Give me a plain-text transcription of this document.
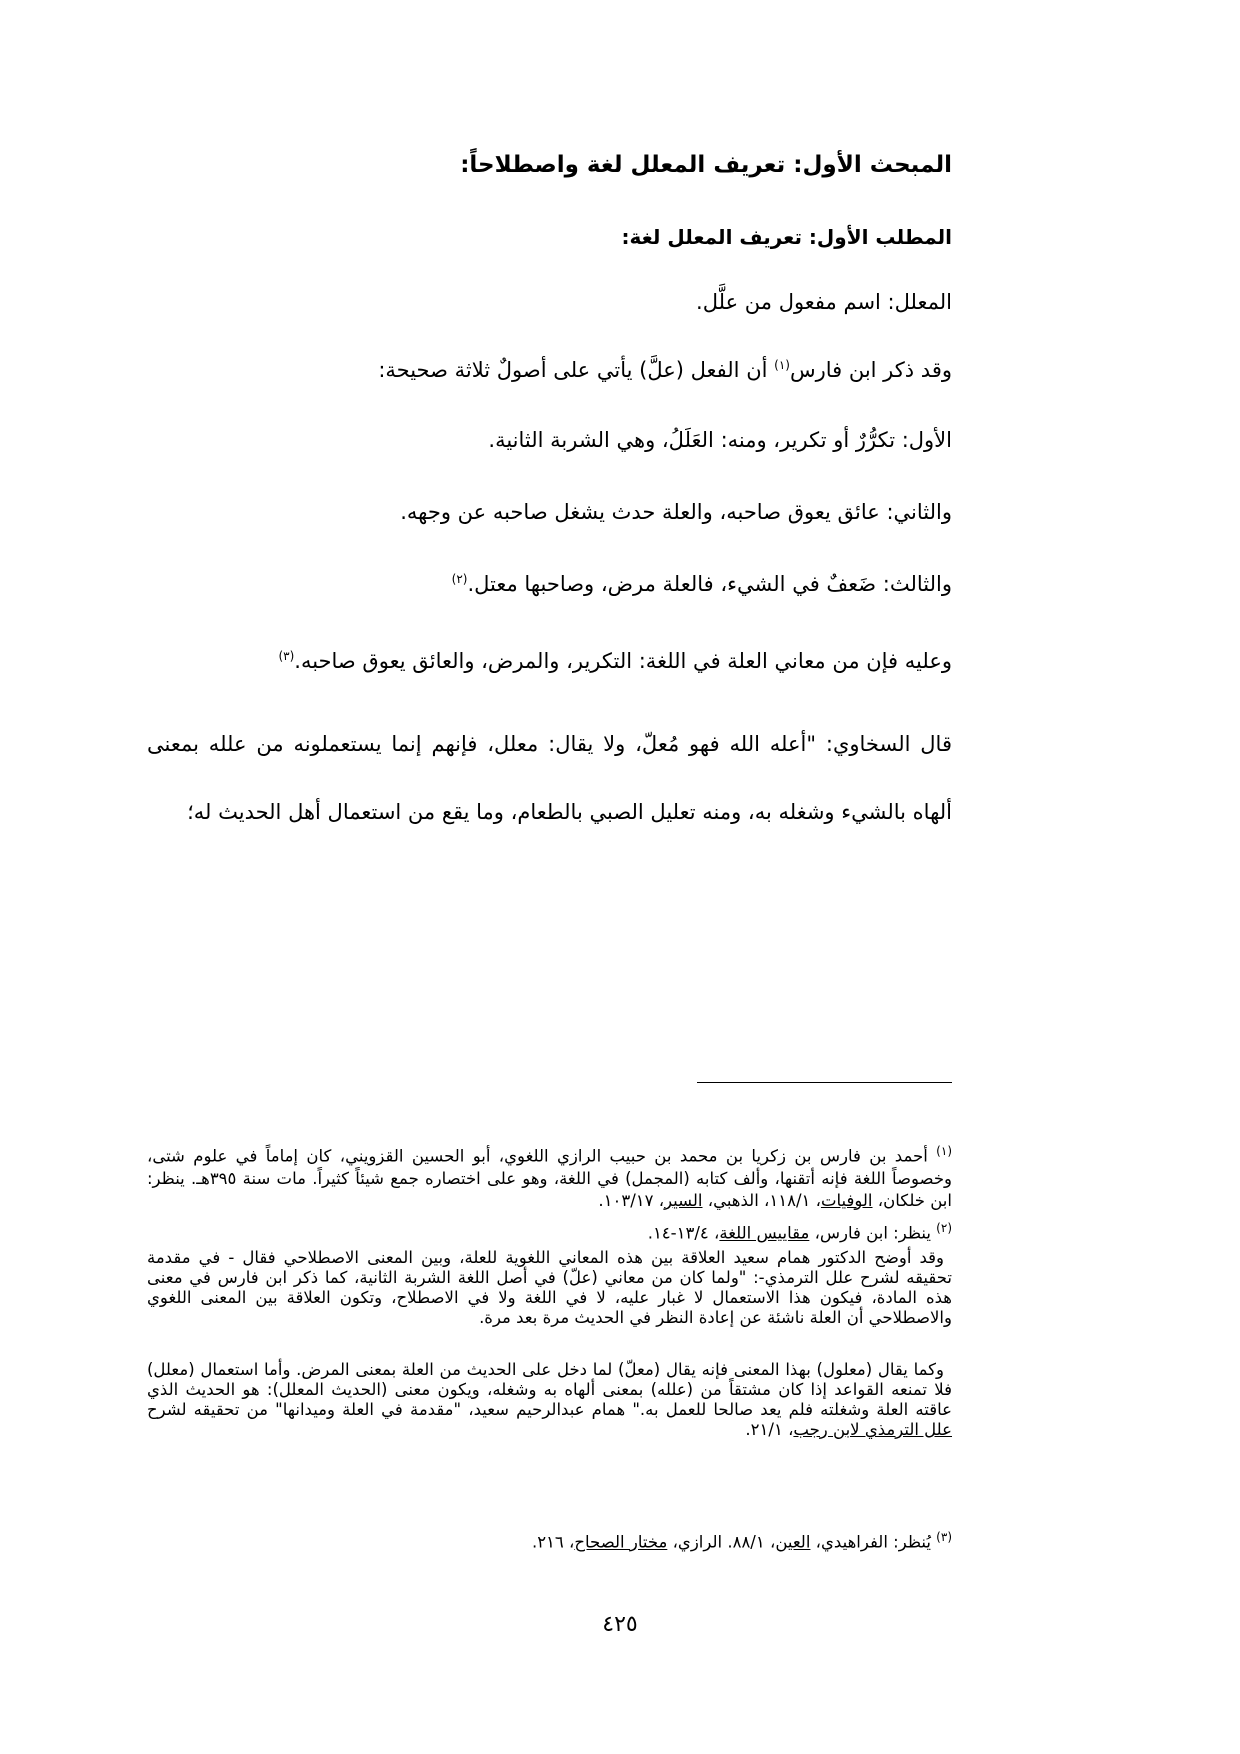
المبحث الأول: تعريف المعلل لغة واصطلاحاً:
المطلب الأول: تعريف المعلل لغة:
المعلل: اسم مفعول من علَّل.
وقد ذكر ابن فارس$^{(١)}$ أن الفعل (علَّ) يأتي على أصولٌ ثلاثة صحيحة:
الأول: تكرُّرٌ أو تكرير، ومنه: العَلَلُ، وهي الشربة الثانية.
والثاني: عائق يعوق صاحبه، والعلة حدث يشغل صاحبه عن وجهه.
والثالث: ضَعفٌ في الشيء، فالعلة مرض، وصاحبها معتل.$^{(٢)}$
وعليه فإن من معاني العلة في اللغة: التكرير، والمرض، والعائق يعوق صاحبه.$^{(٣)}$
قال السخاوي: "أعله الله فهو مُعلّ، ولا يقال: معلل، فإنهم إنما يستعملونه من علله بمعنى
ألهاه بالشيء وشغله به، ومنه تعليل الصبي بالطعام، وما يقع من استعمال أهل الحديث له؛
$^{(١)}$ أحمد بن فارس بن زكريا بن محمد بن حبيب الرازي اللغوي، أبو الحسين القزويني، كان إماماً في علوم شتى، وخصوصاً اللغة فإنه أتقنها، وألف كتابه (المجمل) في اللغة، وهو على اختصاره جمع شيئاً كثيراً. مات سنة ٣٩٥هـ. ينظر: ابن خلكان، الوفيات، ١١٨/١، الذهبي، السير، ١٠٣/١٧.
$^{(٢)}$ ينظر: ابن فارس، مقاييس اللغة، ١٣/٤-١٤.
وقد أوضح الدكتور همام سعيد العلاقة بين هذه المعاني اللغوية للعلة، وبين المعنى الاصطلاحي فقال - في مقدمة تحقيقه لشرح علل الترمذي-: "ولما كان من معاني (علّ) في أصل اللغة الشربة الثانية، كما ذكر ابن فارس في معنى هذه المادة، فيكون هذا الاستعمال لا غبار عليه، لا في اللغة ولا في الاصطلاح، وتكون العلاقة بين المعنى اللغوي والاصطلاحي أن العلة ناشئة عن إعادة النظر في الحديث مرة بعد مرة.
وكما يقال (معلول) بهذا المعنى فإنه يقال (معلّ) لما دخل على الحديث من العلة بمعنى المرض. وأما استعمال (معلل) فلا تمنعه القواعد إذا كان مشتقاً من (علله) بمعنى ألهاه به وشغله، ويكون معنى (الحديث المعلل): هو الحديث الذي عاقته العلة وشغلته فلم يعد صالحا للعمل به." همام عبدالرحيم سعيد، "مقدمة في العلة وميدانها" من تحقيقه لشرح علل الترمذي لابن رجب، ٢١/١.
$^{(٣)}$ يُنظر: الفراهيدي، العين، ٨٨/١. الرازي، مختار الصحاح، ٢١٦.
٤٢٥
